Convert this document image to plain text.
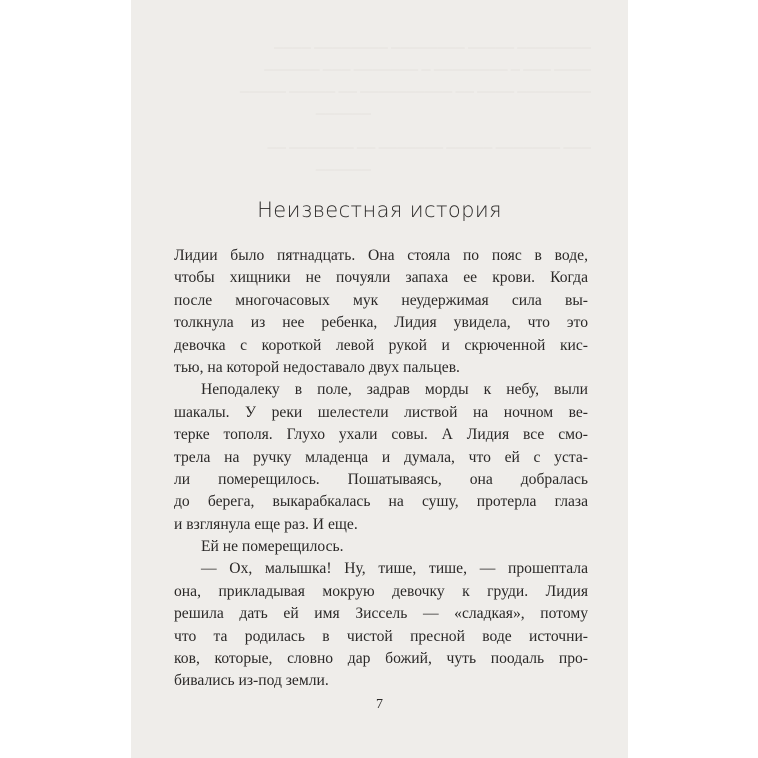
──────── ───── ──────── ──────── ────
──── ─── ─ ──────── ─ ─────── ─── ──────
──────── ──── ── ────────── ── ───── ─────
──────
─── ─────── ───── ─────── ── ─────── ──
──────
Неизвестная история
Лидии было пятнадцать. Она стояла по пояс в воде,
чтобы хищники не почуяли запаха ее крови. Когда
после многочасовых мук неудержимая сила вы-
толкнула из нее ребенка, Лидия увидела, что это
девочка с короткой левой рукой и скрюченной кис-
тью, на которой недоставало двух пальцев.
Неподалеку в поле, задрав морды к небу, выли
шакалы. У реки шелестели листвой на ночном ве-
терке тополя. Глухо ухали совы. А Лидия все смо-
трела на ручку младенца и думала, что ей с уста-
ли померещилось. Пошатываясь, она добралась
до берега, выкарабкалась на сушу, протерла глаза
и взглянула еще раз. И еще.
Ей не померещилось.
— Ох, малышка! Ну, тише, тише, — прошептала
она, прикладывая мокрую девочку к груди. Лидия
решила дать ей имя Зиссель — «сладкая», потому
что та родилась в чистой пресной воде источни-
ков, которые, словно дар божий, чуть поодаль про-
бивались из-под земли.
7
